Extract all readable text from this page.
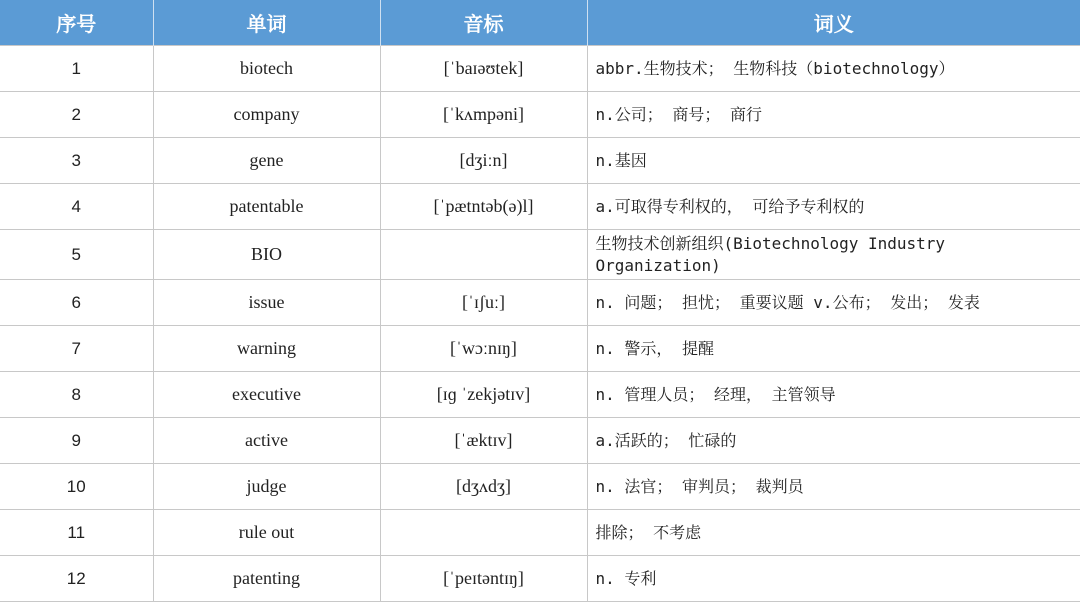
序号	单词	音标	词义
1	biotech	[ˈbaɪəʊtek]	abbr.生物技术； 生物科技（biotechnology）
2	company	[ˈkʌmpəni]	n.公司； 商号； 商行
3	gene	[dʒiːn]	n.基因
4	patentable	[ˈpætntəb(ə)l]	a.可取得专利权的， 可给予专利权的
5	BIO		生物技术创新组织(Biotechnology Industry Organization)
6	issue	[ˈɪʃuː]	n. 问题； 担忧； 重要议题 v.公布； 发出； 发表
7	warning	[ˈwɔːnɪŋ]	n. 警示， 提醒
8	executive	[ɪɡ ˈzekjətɪv]	n. 管理人员； 经理， 主管领导
9	active	[ˈæktɪv]	a.活跃的； 忙碌的
10	judge	[dʒʌdʒ]	n. 法官； 审判员； 裁判员
11	rule out		排除； 不考虑
12	patenting	[ˈpeɪtəntɪŋ]	n. 专利
